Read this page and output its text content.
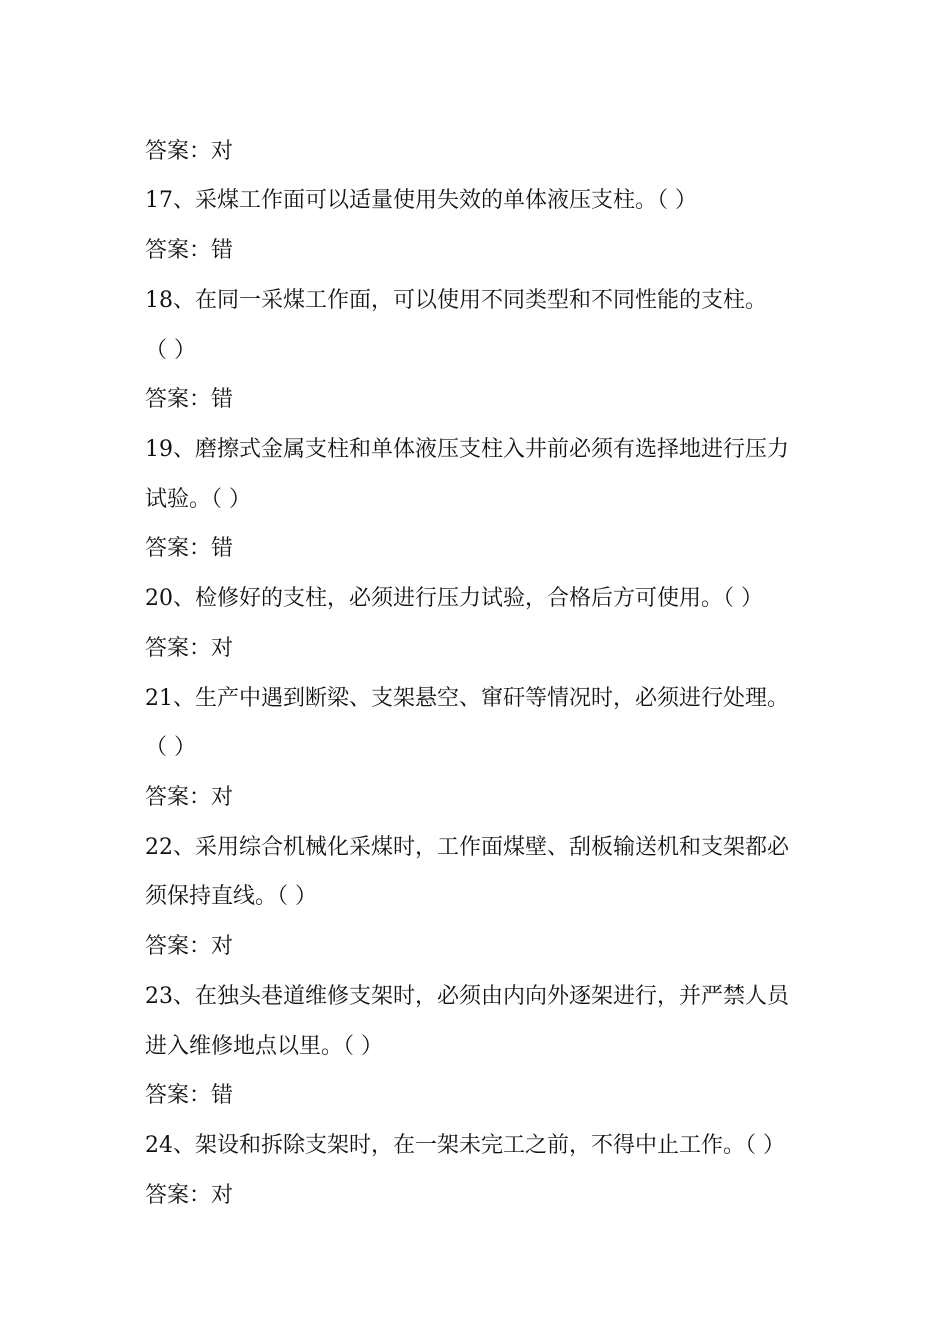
答案：对
17、采煤工作面可以适量使用失效的单体液压支柱。（ ）
答案：错
18、在同一采煤工作面，可以使用不同类型和不同性能的支柱。
（ ）
答案：错
19、磨擦式金属支柱和单体液压支柱入井前必须有选择地进行压力
试验。（ ）
答案：错
20、检修好的支柱，必须进行压力试验，合格后方可使用。（ ）
答案：对
21、生产中遇到断梁、支架悬空、窜矸等情况时，必须进行处理。
（ ）
答案：对
22、采用综合机械化采煤时，工作面煤壁、刮板输送机和支架都必
须保持直线。（ ）
答案：对
23、在独头巷道维修支架时，必须由内向外逐架进行，并严禁人员
进入维修地点以里。（ ）
答案：错
24、架设和拆除支架时，在一架未完工之前，不得中止工作。（ ）
答案：对
